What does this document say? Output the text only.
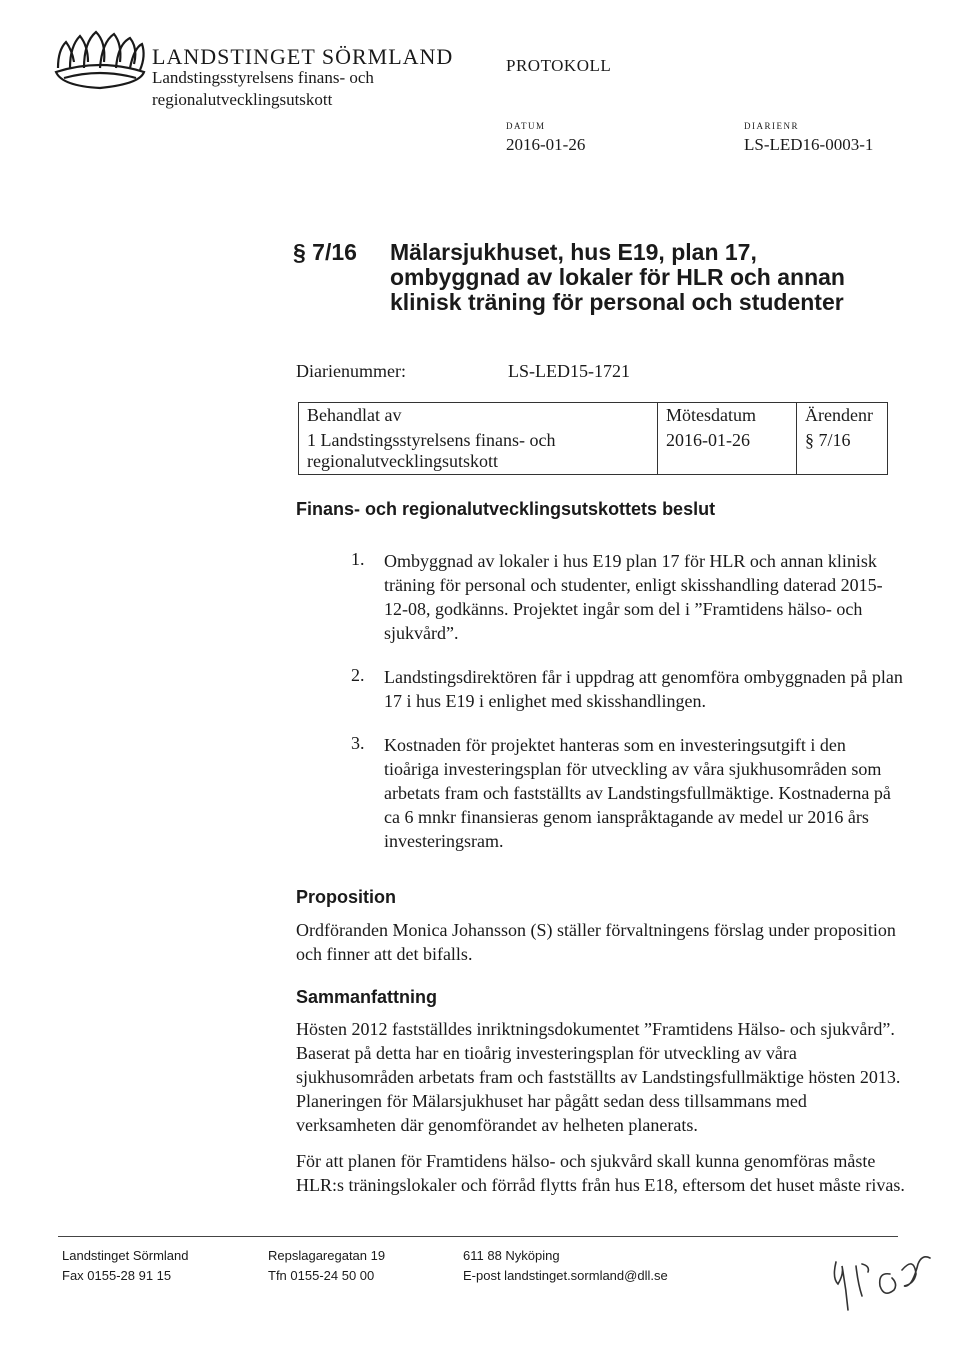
LANDSTINGET SÖRMLAND
Landstingsstyrelsens finans- och
regionalutvecklingsutskott
PROTOKOLL
DATUM
2016-01-26
DIARIENR
LS-LED16-0003-1
§ 7/16 Mälarsjukhuset, hus E19, plan 17,
ombyggnad av lokaler för HLR och annan
klinisk träning för personal och studenter
Diarienummer:	LS-LED15-1721
Behandlat av	Mötesdatum	Ärendenr
1 Landstingsstyrelsens finans- och
regionalutvecklingsutskott	2016-01-26	§ 7/16
Finans- och regionalutvecklingsutskottets beslut
1. Ombyggnad av lokaler i hus E19 plan 17 för HLR och annan klinisk träning för personal och studenter, enligt skisshandling daterad 2015-12-08, godkänns. Projektet ingår som del i ”Framtidens hälso- och sjukvård”.
2. Landstingsdirektören får i uppdrag att genomföra ombyggnaden på plan 17 i hus E19 i enlighet med skisshandlingen.
3. Kostnaden för projektet hanteras som en investeringsutgift i den tioåriga investeringsplan för utveckling av våra sjukhusområden som arbetats fram och fastställts av Landstingsfullmäktige. Kostnaderna på ca 6 mnkr finansieras genom ianspråktagande av medel ur 2016 års investeringsram.
Proposition
Ordföranden Monica Johansson (S) ställer förvaltningens förslag under proposition och finner att det bifalls.
Sammanfattning
Hösten 2012 fastställdes inriktningsdokumentet ”Framtidens Hälso- och sjukvård”. Baserat på detta har en tioårig investeringsplan för utveckling av våra sjukhusområden arbetats fram och fastställts av Landstingsfullmäktige hösten 2013. Planeringen för Mälarsjukhuset har pågått sedan dess tillsammans med verksamheten där genomförandet av helheten planerats.
För att planen för Framtidens hälso- och sjukvård skall kunna genomföras måste HLR:s träningslokaler och förråd flytts från hus E18, eftersom det huset måste rivas.
Landstinget Sörmland
Fax 0155-28 91 15
Repslagaregatan 19
Tfn 0155-24 50 00
611 88 Nyköping
E-post landstinget.sormland@dll.se
